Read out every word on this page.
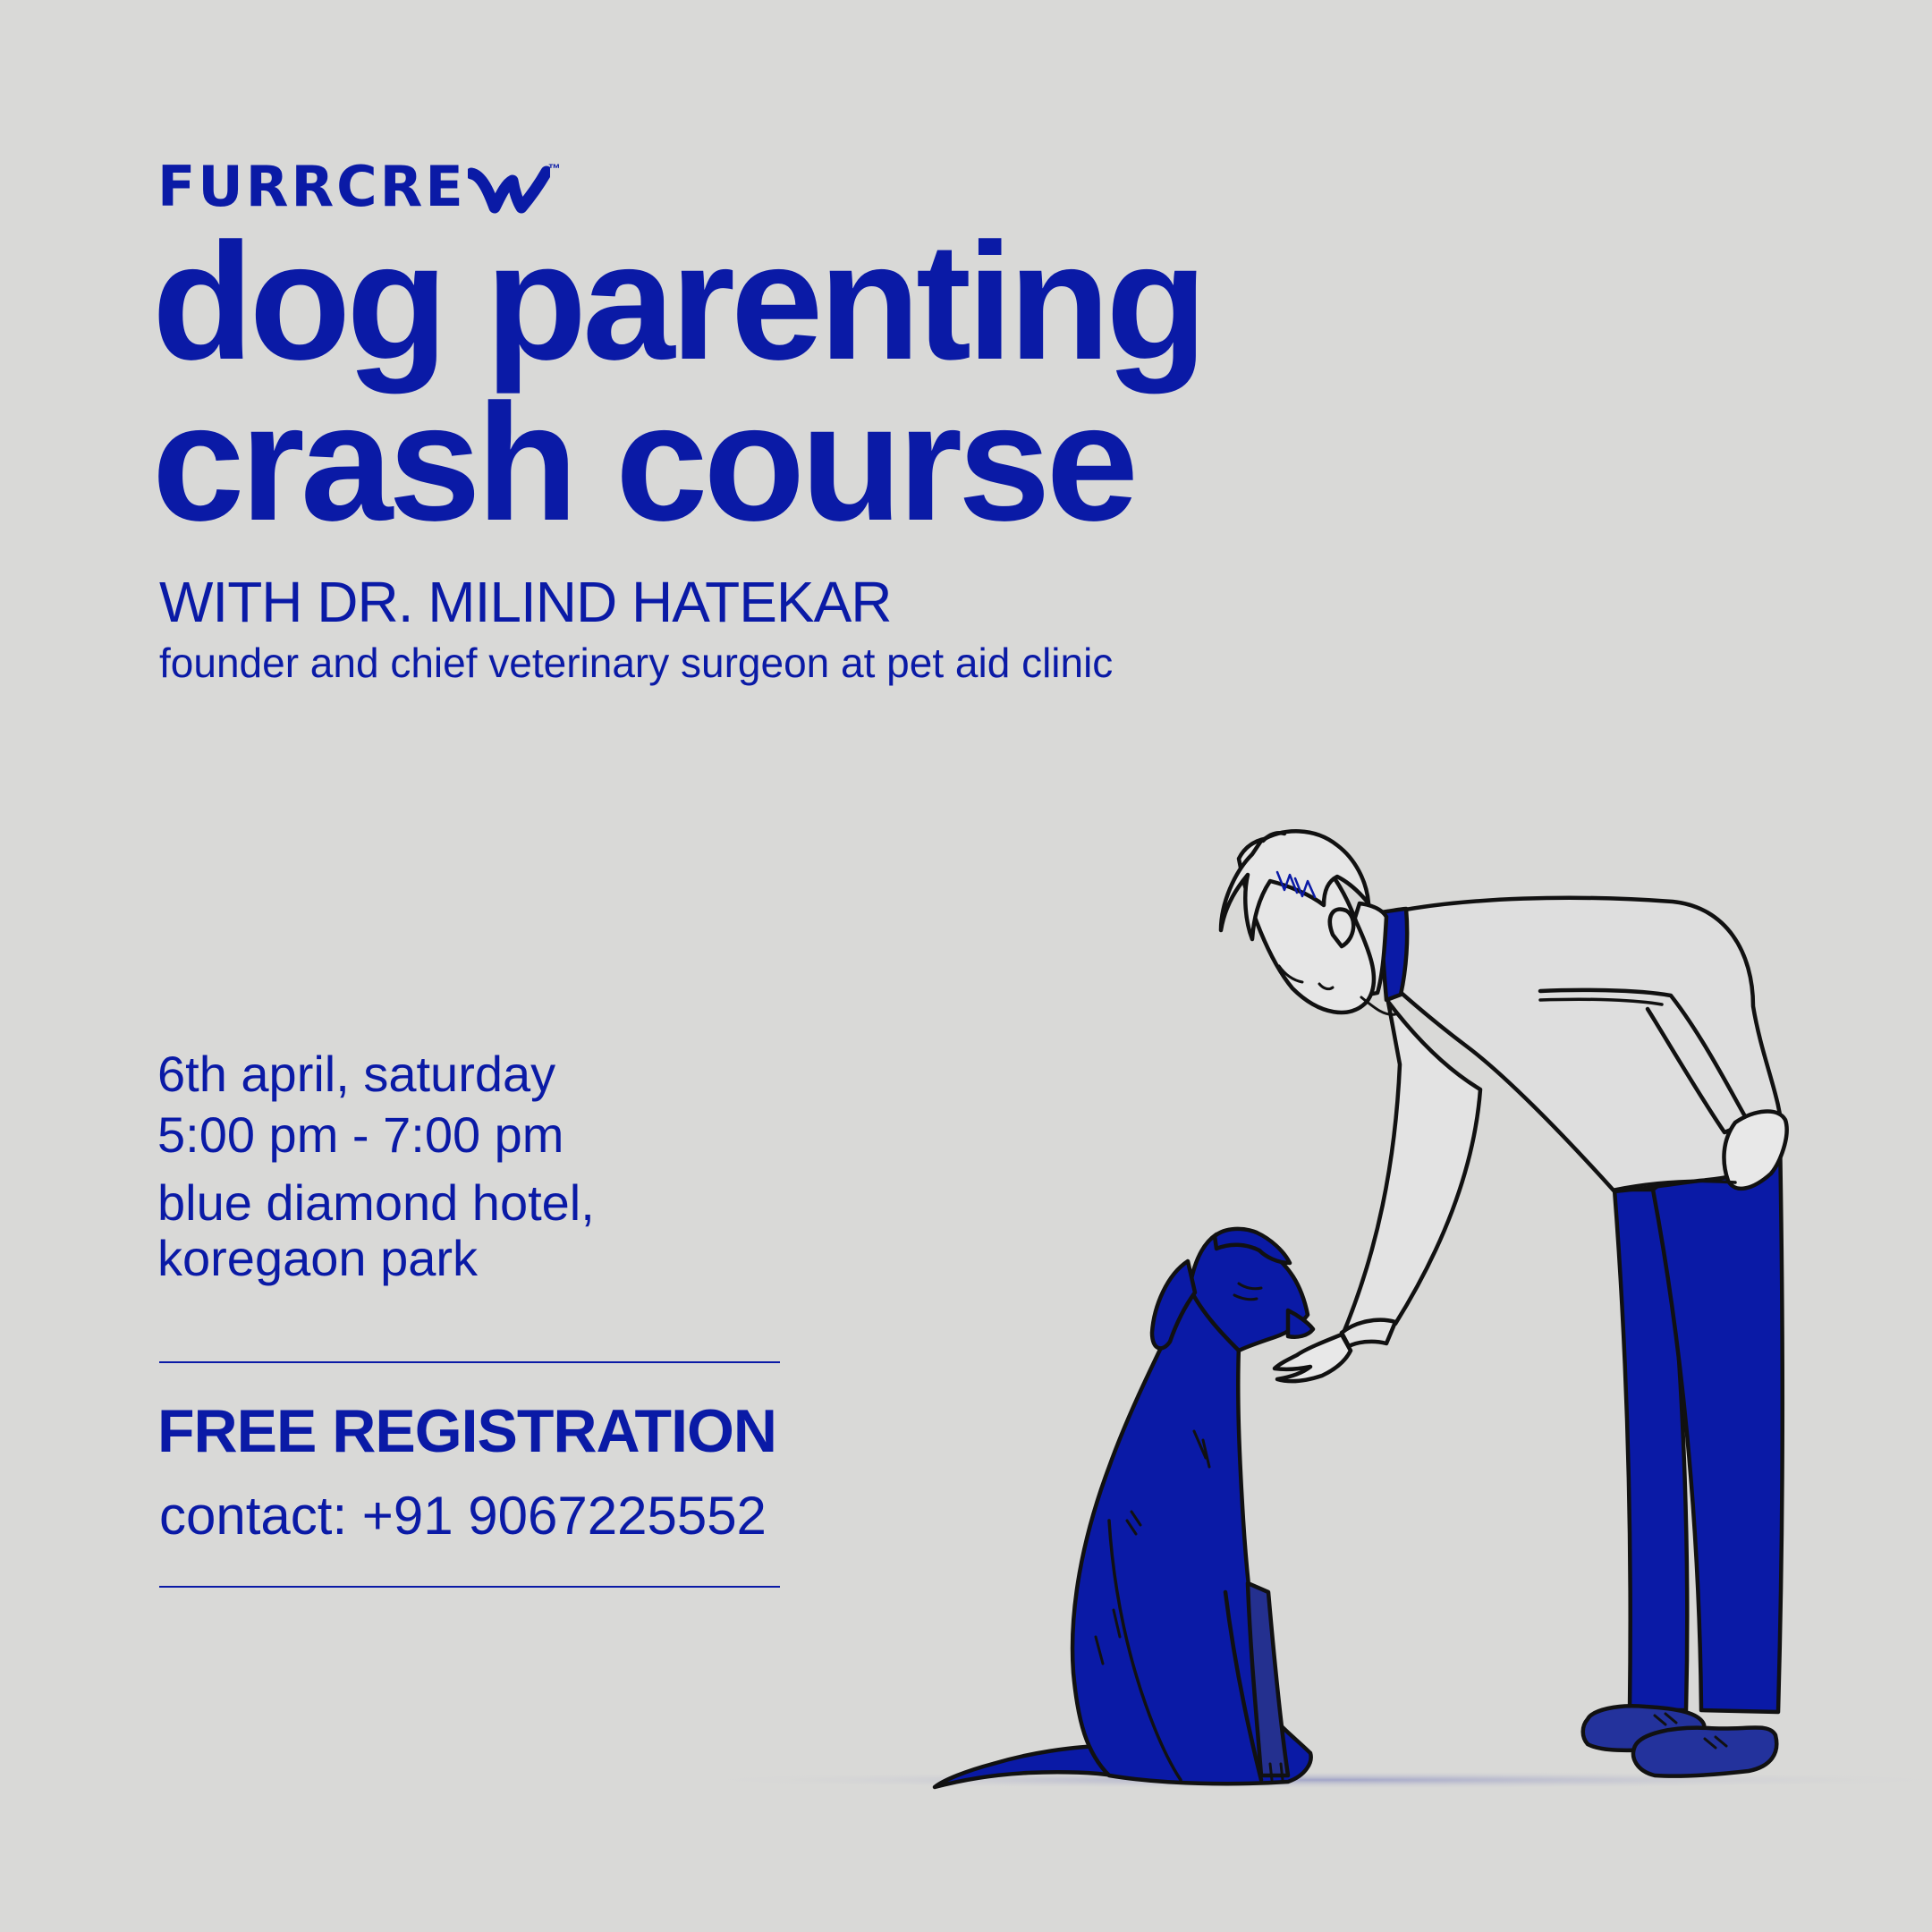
FURRCRE	™
dog parenting
crash course
WITH DR. MILIND HATEKAR
founder and chief veterinary surgeon at pet aid clinic
6th april, saturday
5:00 pm - 7:00 pm
blue diamond hotel,
koregaon park
FREE REGISTRATION
contact: +91 9067225552
